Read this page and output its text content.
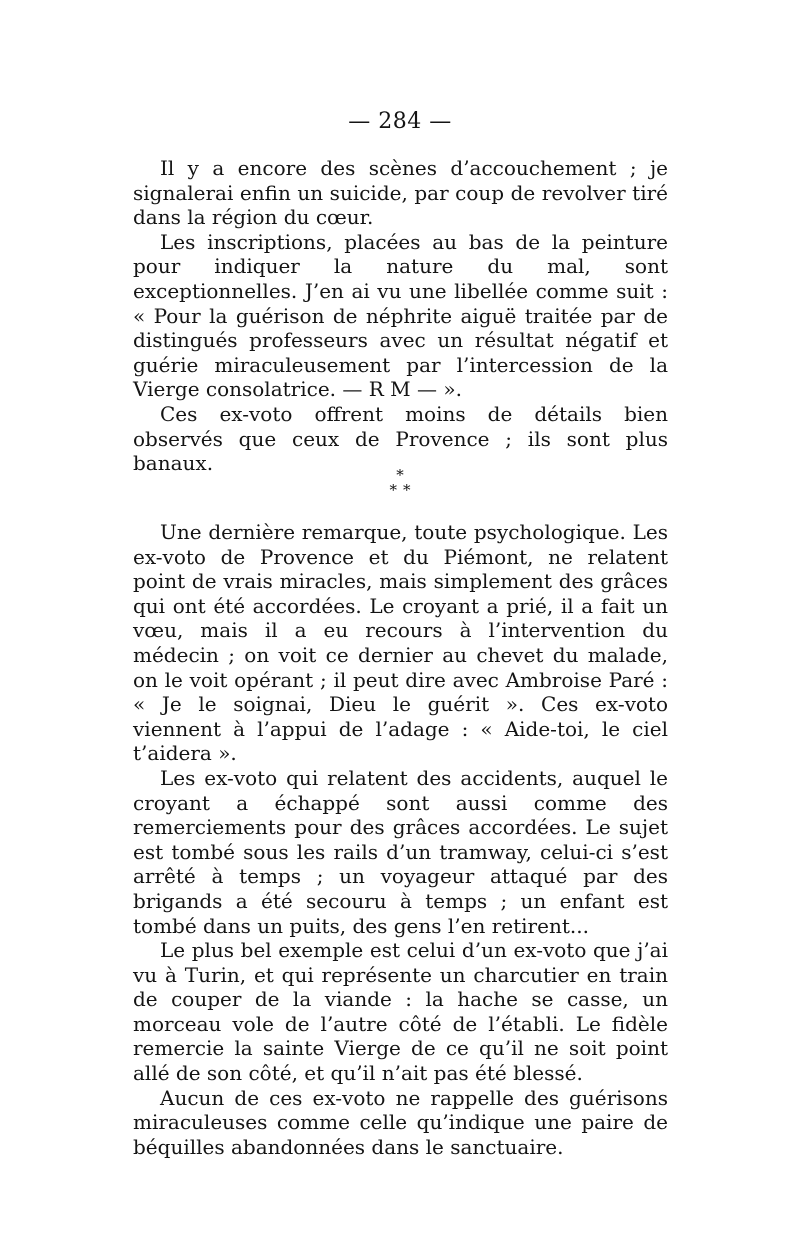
— 284 —

Il y a encore des scènes d’accouchement ; je signalerai enfin un suicide, par coup de revolver tiré dans la région du cœur.

Les inscriptions, placées au bas de la peinture pour indiquer la nature du mal, sont exceptionnelles. J’en ai vu une libellée comme suit : « Pour la guérison de néphrite aiguë traitée par de distingués professeurs avec un résultat négatif et guérie miraculeusement par l’intercession de la Vierge consolatrice. — R M — ».

Ces ex-voto offrent moins de détails bien observés que ceux de Provence ; ils sont plus banaux.	*
* *

Une dernière remarque, toute psychologique. Les ex-voto de Provence et du Piémont, ne relatent point de vrais miracles, mais simplement des grâces qui ont été accordées. Le croyant a prié, il a fait un vœu, mais il a eu recours à l’intervention du médecin ; on voit ce dernier au chevet du malade, on le voit opérant ; il peut dire avec Ambroise Paré : « Je le soignai, Dieu le guérit ». Ces ex-voto viennent à l’appui de l’adage : « Aide-toi, le ciel t’aidera ».

Les ex-voto qui relatent des accidents, auquel le croyant a échappé sont aussi comme des remerciements pour des grâces accordées. Le sujet est tombé sous les rails d’un tramway, celui-ci s’est arrêté à temps ; un voyageur attaqué par des brigands a été secouru à temps ; un enfant est tombé dans un puits, des gens l’en retirent...

Le plus bel exemple est celui d’un ex-voto que j’ai vu à Turin, et qui représente un charcutier en train de couper de la viande : la hache se casse, un morceau vole de l’autre côté de l’établi. Le fidèle remercie la sainte Vierge de ce qu’il ne soit point allé de son côté, et qu’il n’ait pas été blessé.

Aucun de ces ex-voto ne rappelle des guérisons miraculeuses comme celle qu’indique une paire de béquilles abandonnées dans le sanctuaire.
